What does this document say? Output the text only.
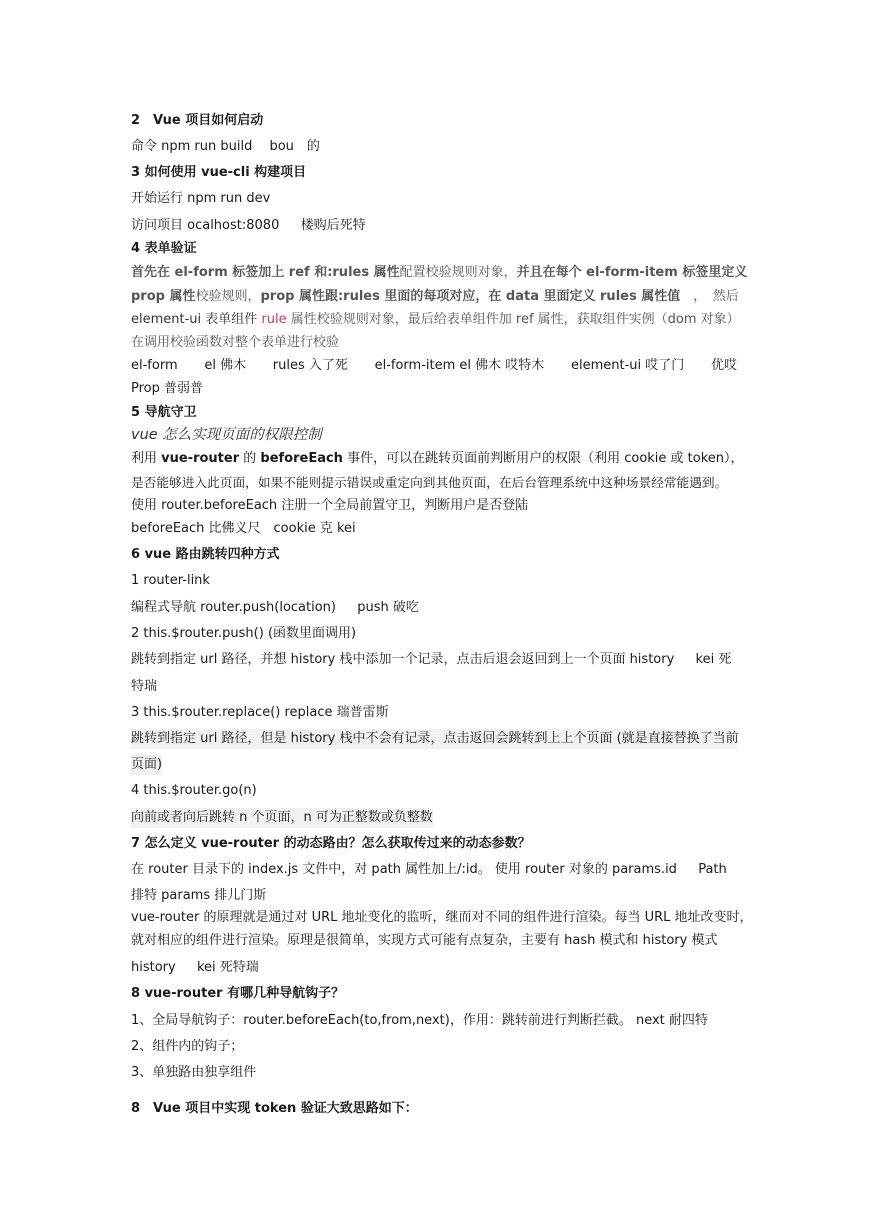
2　Vue 项目如何启动
命令 npm run build　 bou　的
3 如何使用 vue-cli 构建项目
开始运行 npm run dev
访问项目 ocalhost:8080 　 楼购后死特
4 表单验证
首先在 el-form 标签加上 ref 和:rules 属性配置校验规则对象，并且在每个 el-form-item 标签里定义
prop 属性校验规则，prop 属性跟:rules 里面的每项对应，在 data 里面定义 rules 属性值　，　然后
element-ui 表单组件 rule 属性校验规则对象，最后给表单组件加 ref 属性，获取组件实例（dom 对象）
在调用校验函数对整个表单进行校验
el-form el 佛木 rules 入了死 el-form-item el 佛木 哎特木 element-ui 哎了门 优哎
Prop 普弱普
5 导航守卫
vue 怎么实现页面的权限控制
利用 vue-router 的 beforeEach 事件，可以在跳转页面前判断用户的权限（利用 cookie 或 token），
是否能够进入此页面，如果不能则提示错误或重定向到其他页面，在后台管理系统中这种场景经常能遇到。
使用 router.beforeEach 注册一个全局前置守卫，判断用户是否登陆
beforeEach 比佛义尺　cookie 克 kei
6 vue 路由跳转四种方式
1 router-link
编程式导航 router.push(location) 　 push 破吃
2 this.$router.push() (函数里面调用)
跳转到指定 url 路径，并想 history 栈中添加一个记录，点击后退会返回到上一个页面 history 　 kei 死
特瑞
3 this.$router.replace() replace 瑞普雷斯
跳转到指定 url 路径，但是 history 栈中不会有记录，点击返回会跳转到上上个页面 (就是直接替换了当前
页面)
4 this.$router.go(n)
向前或者向后跳转 n 个页面，n 可为正整数或负整数
7 怎么定义 vue-router 的动态路由？怎么获取传过来的动态参数？
在 router 目录下的 index.js 文件中，对 path 属性加上/:id。 使用 router 对象的 params.id 　 Path
排特 params 排儿门斯
vue-router 的原理就是通过对 URL 地址变化的监听，继而对不同的组件进行渲染。每当 URL 地址改变时，
就对相应的组件进行渲染。原理是很简单，实现方式可能有点复杂，主要有 hash 模式和 history 模式
history 　 kei 死特瑞
8 vue-router 有哪几种导航钩子？
1、全局导航钩子：router.beforeEach(to,from,next)，作用：跳转前进行判断拦截。 next 耐四特
2、组件内的钩子；
3、单独路由独享组件
8　Vue 项目中实现 token 验证大致思路如下：
